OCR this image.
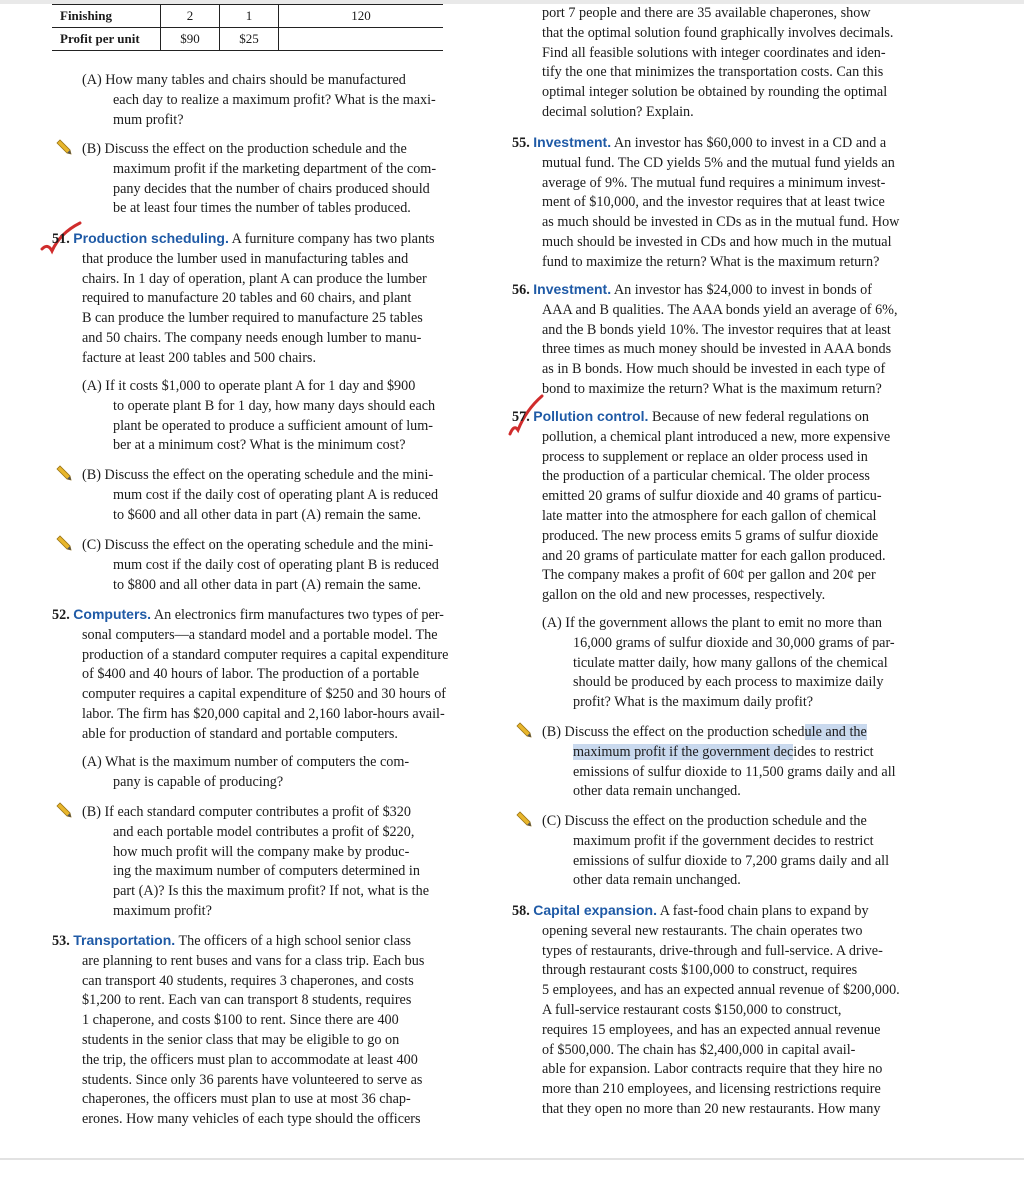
Finishing	2	1	120
Profit per unit	$90	$25	
(A) How many tables and chairs should be manufactured
each day to realize a maximum profit? What is the maxi-
mum profit?
(B) Discuss the effect on the production schedule and the
maximum profit if the marketing department of the com-
pany decides that the number of chairs produced should
be at least four times the number of tables produced.
51. Production scheduling. A furniture company has two plants
that produce the lumber used in manufacturing tables and
chairs. In 1 day of operation, plant A can produce the lumber
required to manufacture 20 tables and 60 chairs, and plant
B can produce the lumber required to manufacture 25 tables
and 50 chairs. The company needs enough lumber to manu-
facture at least 200 tables and 500 chairs.
(A) If it costs $1,000 to operate plant A for 1 day and $900
to operate plant B for 1 day, how many days should each
plant be operated to produce a sufficient amount of lum-
ber at a minimum cost? What is the minimum cost?
(B) Discuss the effect on the operating schedule and the mini-
mum cost if the daily cost of operating plant A is reduced
to $600 and all other data in part (A) remain the same.
(C) Discuss the effect on the operating schedule and the mini-
mum cost if the daily cost of operating plant B is reduced
to $800 and all other data in part (A) remain the same.
52. Computers. An electronics firm manufactures two types of per-
sonal computers—a standard model and a portable model. The
production of a standard computer requires a capital expenditure
of $400 and 40 hours of labor. The production of a portable
computer requires a capital expenditure of $250 and 30 hours of
labor. The firm has $20,000 capital and 2,160 labor-hours avail-
able for production of standard and portable computers.
(A) What is the maximum number of computers the com-
pany is capable of producing?
(B) If each standard computer contributes a profit of $320
and each portable model contributes a profit of $220,
how much profit will the company make by produc-
ing the maximum number of computers determined in
part (A)? Is this the maximum profit? If not, what is the
maximum profit?
53. Transportation. The officers of a high school senior class
are planning to rent buses and vans for a class trip. Each bus
can transport 40 students, requires 3 chaperones, and costs
$1,200 to rent. Each van can transport 8 students, requires
1 chaperone, and costs $100 to rent. Since there are 400
students in the senior class that may be eligible to go on
the trip, the officers must plan to accommodate at least 400
students. Since only 36 parents have volunteered to serve as
chaperones, the officers must plan to use at most 36 chap-
erones. How many vehicles of each type should the officers
port 7 people and there are 35 available chaperones, show
that the optimal solution found graphically involves decimals.
Find all feasible solutions with integer coordinates and iden-
tify the one that minimizes the transportation costs. Can this
optimal integer solution be obtained by rounding the optimal
decimal solution? Explain.
55. Investment. An investor has $60,000 to invest in a CD and a
mutual fund. The CD yields 5% and the mutual fund yields an
average of 9%. The mutual fund requires a minimum invest-
ment of $10,000, and the investor requires that at least twice
as much should be invested in CDs as in the mutual fund. How
much should be invested in CDs and how much in the mutual
fund to maximize the return? What is the maximum return?
56. Investment. An investor has $24,000 to invest in bonds of
AAA and B qualities. The AAA bonds yield an average of 6%,
and the B bonds yield 10%. The investor requires that at least
three times as much money should be invested in AAA bonds
as in B bonds. How much should be invested in each type of
bond to maximize the return? What is the maximum return?
57. Pollution control. Because of new federal regulations on
pollution, a chemical plant introduced a new, more expensive
process to supplement or replace an older process used in
the production of a particular chemical. The older process
emitted 20 grams of sulfur dioxide and 40 grams of particu-
late matter into the atmosphere for each gallon of chemical
produced. The new process emits 5 grams of sulfur dioxide
and 20 grams of particulate matter for each gallon produced.
The company makes a profit of 60¢ per gallon and 20¢ per
gallon on the old and new processes, respectively.
(A) If the government allows the plant to emit no more than
16,000 grams of sulfur dioxide and 30,000 grams of par-
ticulate matter daily, how many gallons of the chemical
should be produced by each process to maximize daily
profit? What is the maximum daily profit?
(B) Discuss the effect on the production schedule and the
maximum profit if the government decides to restrict
emissions of sulfur dioxide to 11,500 grams daily and all
other data remain unchanged.
(C) Discuss the effect on the production schedule and the
maximum profit if the government decides to restrict
emissions of sulfur dioxide to 7,200 grams daily and all
other data remain unchanged.
58. Capital expansion. A fast-food chain plans to expand by
opening several new restaurants. The chain operates two
types of restaurants, drive-through and full-service. A drive-
through restaurant costs $100,000 to construct, requires
5 employees, and has an expected annual revenue of $200,000.
A full-service restaurant costs $150,000 to construct,
requires 15 employees, and has an expected annual revenue
of $500,000. The chain has $2,400,000 in capital avail-
able for expansion. Labor contracts require that they hire no
more than 210 employees, and licensing restrictions require
that they open no more than 20 new restaurants. How many
